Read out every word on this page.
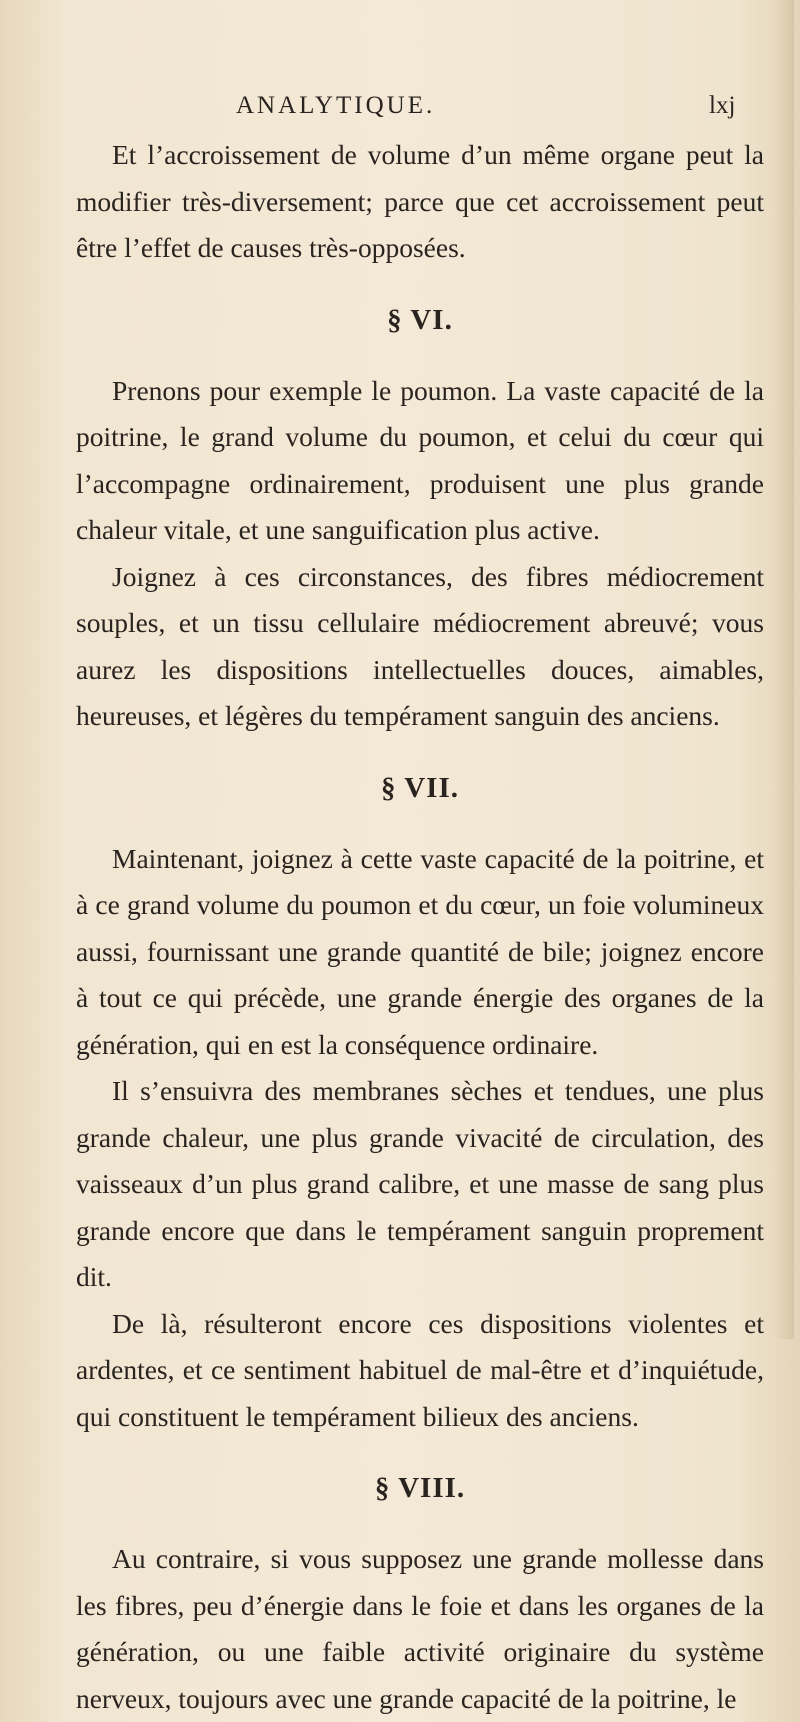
ANALYTIQUE.	lxj

Et l’accroissement de volume d’un même organe peut la modifier très-diversement; parce que cet accroissement peut être l’effet de causes très-opposées.

§ VI.

Prenons pour exemple le poumon. La vaste capacité de la poitrine, le grand volume du poumon, et celui du cœur qui l’accompagne ordinairement, produisent une plus grande chaleur vitale, et une sanguification plus active.

Joignez à ces circonstances, des fibres médiocrement souples, et un tissu cellulaire médiocrement abreuvé; vous aurez les dispositions intellectuelles douces, aimables, heureuses, et légères du tempérament sanguin des anciens.

§ VII.

Maintenant, joignez à cette vaste capacité de la poitrine, et à ce grand volume du poumon et du cœur, un foie volumineux aussi, fournissant une grande quantité de bile; joignez encore à tout ce qui précède, une grande énergie des organes de la génération, qui en est la conséquence ordinaire.

Il s’ensuivra des membranes sèches et tendues, une plus grande chaleur, une plus grande vivacité de circulation, des vaisseaux d’un plus grand calibre, et une masse de sang plus grande encore que dans le tempérament sanguin proprement dit.

De là, résulteront encore ces dispositions violentes et ardentes, et ce sentiment habituel de mal-être et d’inquiétude, qui constituent le tempérament bilieux des anciens.

§ VIII.

Au contraire, si vous supposez une grande mollesse dans les fibres, peu d’énergie dans le foie et dans les organes de la génération, ou une faible activité originaire du système nerveux, toujours avec une grande capacité de la poitrine, le
